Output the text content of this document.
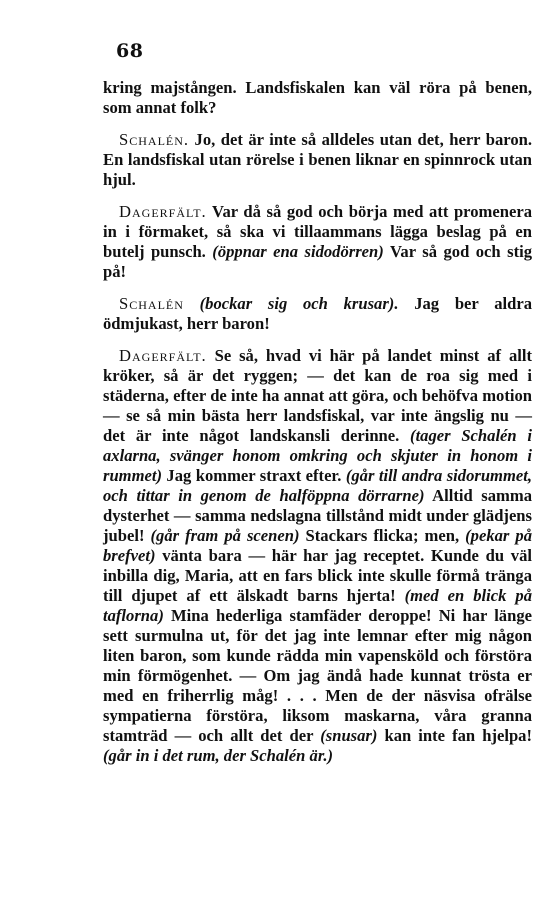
68

kring majstången. Landsfiskalen kan väl röra på benen, som annat folk?

Schalén. Jo, det är inte så alldeles utan det, herr baron. En landsfiskal utan rörelse i benen liknar en spinnrock utan hjul.

Dagerfält. Var då så god och börja med att promenera in i förmaket, så ska vi tillaammans lägga beslag på en butelj punsch. (öppnar ena sidodörren) Var så god och stig på!

Schalén (bockar sig och krusar). Jag ber aldra ödmjukast, herr baron!

Dagerfält. Se så, hvad vi här på landet minst af allt kröker, så är det ryggen; — det kan de roa sig med i städerna, efter de inte ha annat att göra, och behöfva motion — se så min bästa herr landsfiskal, var inte ängslig nu — det är inte något landskansli derinne. (tager Schalén i axlarna, svänger honom omkring och skjuter in honom i rummet) Jag kommer straxt efter. (går till andra sidorummet, och tittar in genom de halföppna dörrarne) Alltid samma dysterhet — samma nedslagna tillstånd midt under glädjens jubel! (går fram på scenen) Stackars flicka; men, (pekar på brefvet) vänta bara — här har jag receptet. Kunde du väl inbilla dig, Maria, att en fars blick inte skulle förmå tränga till djupet af ett älskadt barns hjerta! (med en blick på taflorna) Mina hederliga stamfäder deroppe! Ni har länge sett surmulna ut, för det jag inte lemnar efter mig någon liten baron, som kunde rädda min vapensköld och förstöra min förmögenhet. — Om jag ändå hade kunnat trösta er med en friherrlig måg! . . . Men de der näsvisa ofrälse sympatierna förstöra, liksom maskarna, våra granna stamträd — och allt det der (snusar) kan inte fan hjelpa! (går in i det rum, der Schalén är.)
